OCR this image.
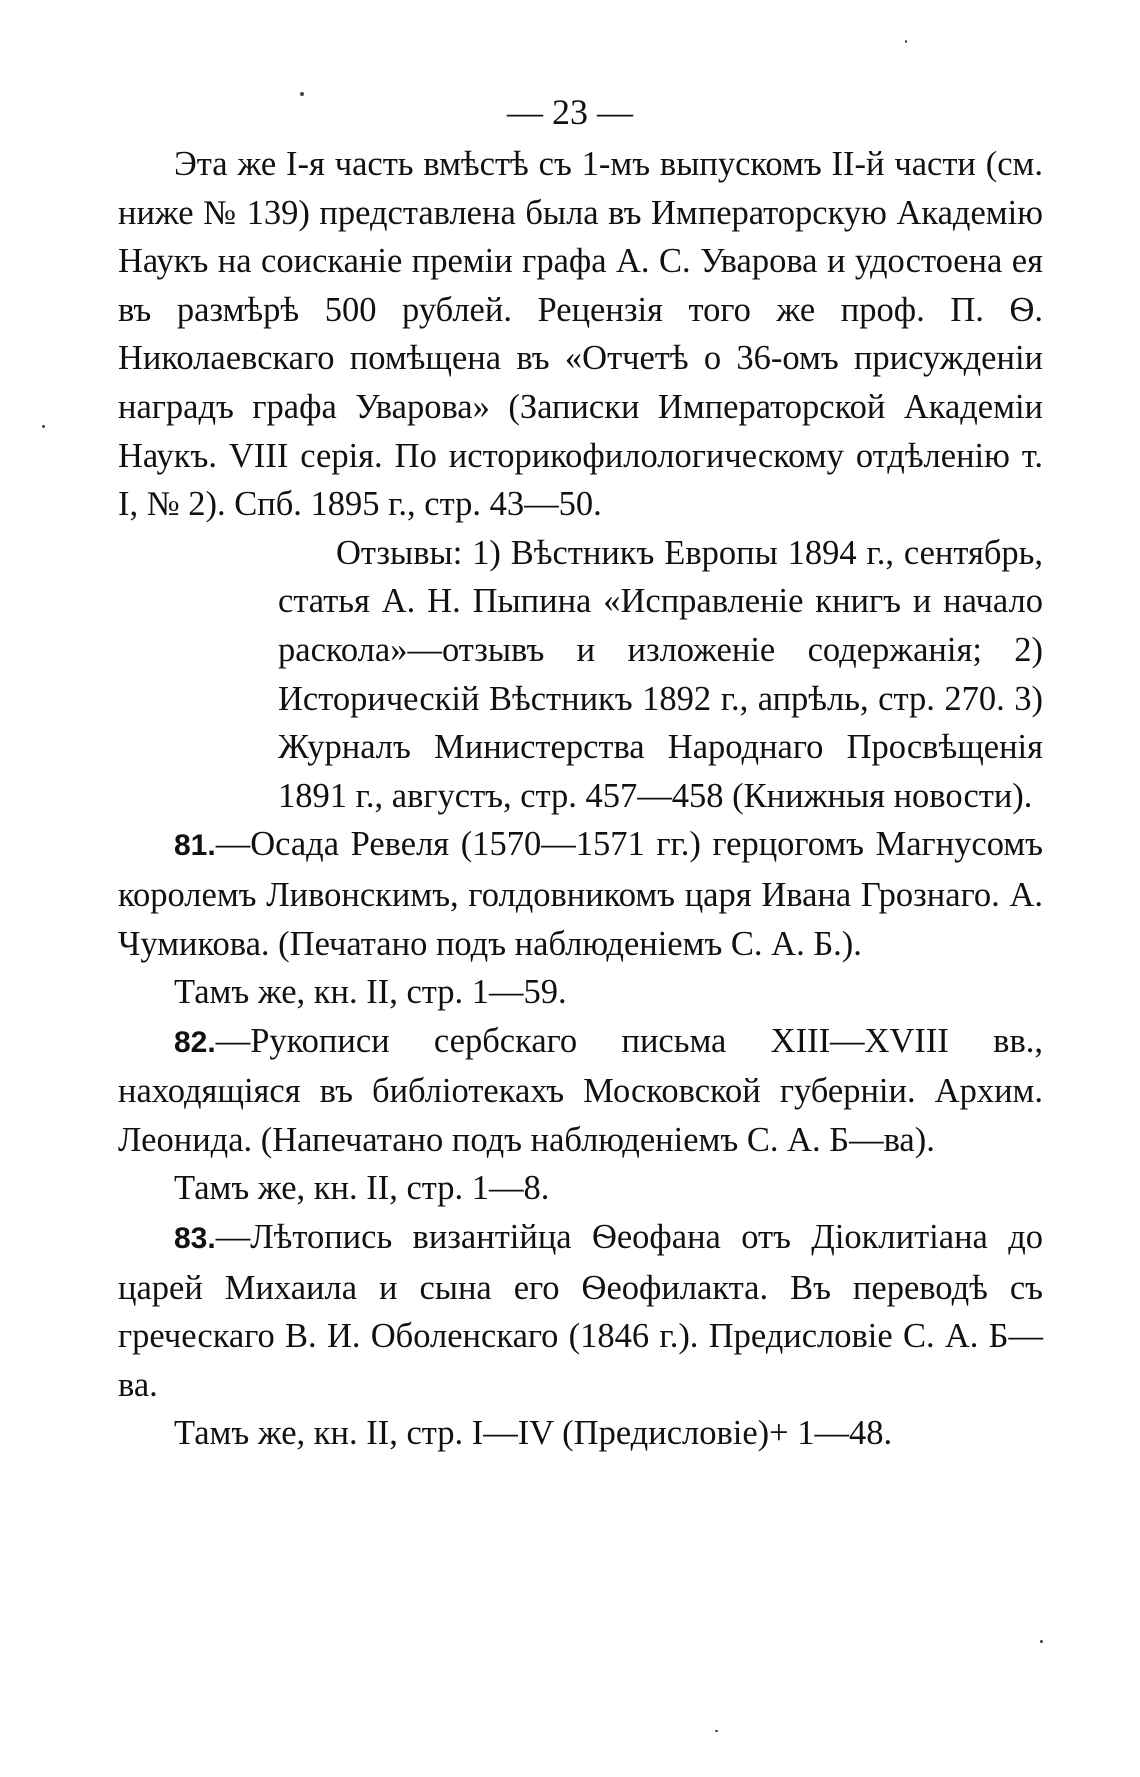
— 23 —

Эта же I-я часть вмѣстѣ съ 1-мъ выпускомъ II-й части (см. ниже № 139) представлена была въ Императорскую Академію Наукъ на соисканіе преміи графа А. С. Уварова и удостоена ея въ размѣрѣ 500 рублей. Рецензія того же проф. П. Ѳ. Николаевскаго помѣщена въ «Отчетѣ о 36-омъ присужденіи наградъ графа Уварова» (Записки Императорской Академіи Наукъ. VIII серія. По историкофилологическому отдѣленію т. I, № 2). Спб. 1895 г., стр. 43—50.

Отзывы: 1) Вѣстникъ Европы 1894 г., сентябрь, статья А. Н. Пыпина «Исправленіе книгъ и начало раскола»—отзывъ и изложеніе содержанія; 2) Историческій Вѣстникъ 1892 г., апрѣль, стр. 270. 3) Журналъ Министерства Народнаго Просвѣщенія 1891 г., августъ, стр. 457—458 (Книжныя новости).

81.—Осада Ревеля (1570—1571 гг.) герцогомъ Магнусомъ королемъ Ливонскимъ, голдовникомъ царя Ивана Грознаго. А. Чумикова. (Печатано подъ наблюденіемъ С. А. Б.).

Тамъ же, кн. II, стр. 1—59.

82.—Рукописи сербскаго письма XIII—XVIII вв., находящіяся въ библіотекахъ Московской губерніи. Архим. Леонида. (Напечатано подъ наблюденіемъ С. А. Б—ва).

Тамъ же, кн. II, стр. 1—8.

83.—Лѣтопись византійца Ѳеофана отъ Діоклитіана до царей Михаила и сына его Ѳеофилакта. Въ переводѣ съ греческаго В. И. Оболенскаго (1846 г.). Предисловіе С. А. Б—ва.

Тамъ же, кн. II, стр. I—IV (Предисловіе)+ 1—48.
